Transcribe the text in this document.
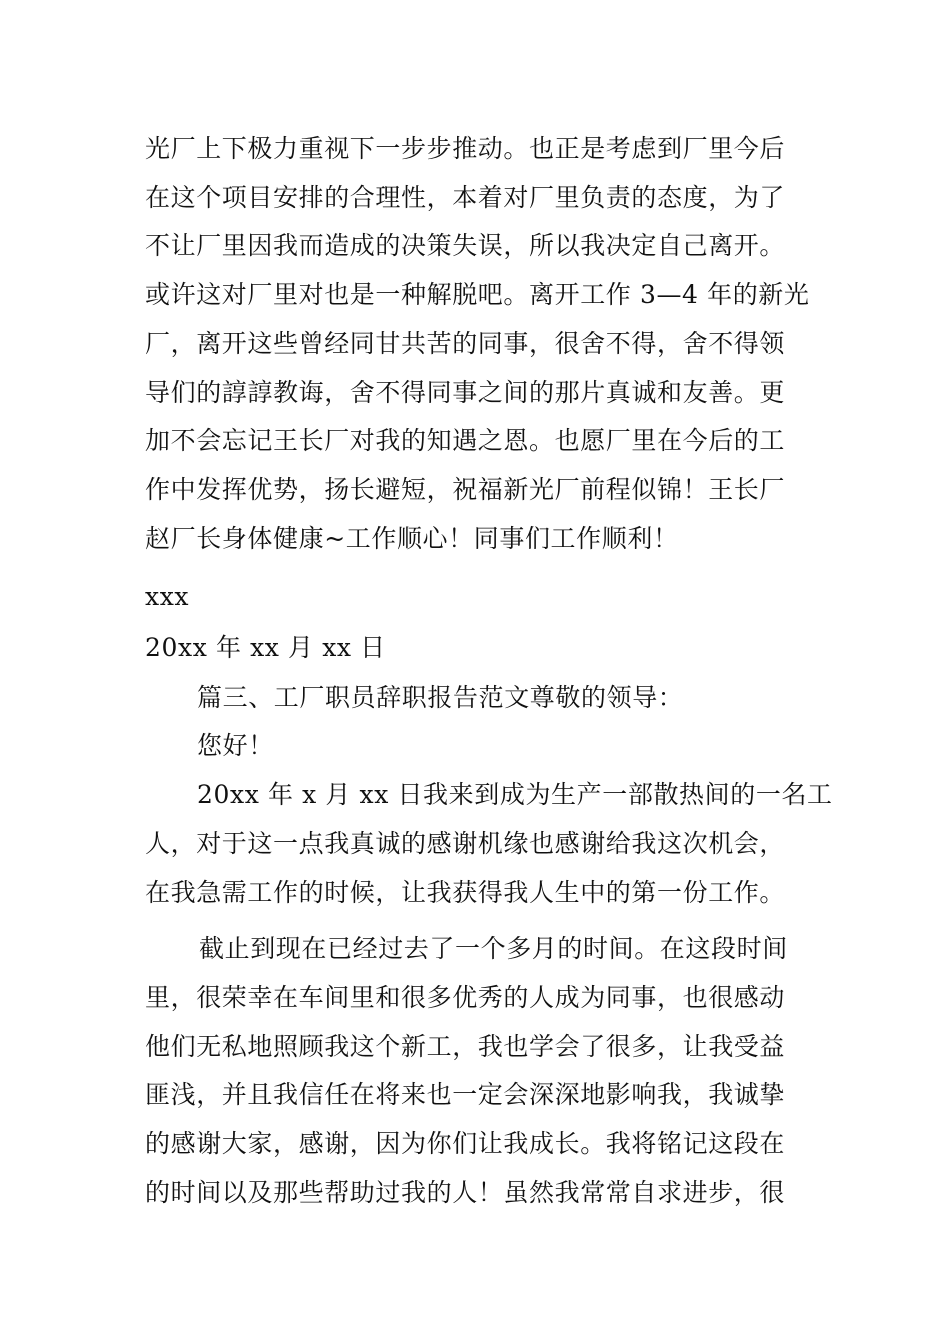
光厂上下极力重视下一步步推动。也正是考虑到厂里今后
在这个项目安排的合理性，本着对厂里负责的态度，为了
不让厂里因我而造成的决策失误，所以我决定自己离开。
或许这对厂里对也是一种解脱吧。离开工作 3—4 年的新光
厂，离开这些曾经同甘共苦的同事，很舍不得，舍不得领
导们的諄諄教诲，舍不得同事之间的那片真诚和友善。更
加不会忘记王长厂对我的知遇之恩。也愿厂里在今后的工
作中发挥优势，扬长避短，祝福新光厂前程似锦！王长厂
赵厂长身体健康~工作顺心！同事们工作顺利！
xxx
20xx 年 xx 月 xx 日
篇三、工厂职员辞职报告范文尊敬的领导：
您好！
20xx 年 x 月 xx 日我来到成为生产一部散热间的一名工
人，对于这一点我真诚的感谢机缘也感谢给我这次机会，
在我急需工作的时候，让我获得我人生中的第一份工作。
截止到现在已经过去了一个多月的时间。在这段时间
里，很荣幸在车间里和很多优秀的人成为同事，也很感动
他们无私地照顾我这个新工，我也学会了很多，让我受益
匪浅，并且我信任在将来也一定会深深地影响我，我诚挚
的感谢大家，感谢，因为你们让我成长。我将铭记这段在
的时间以及那些帮助过我的人！虽然我常常自求进步，很
